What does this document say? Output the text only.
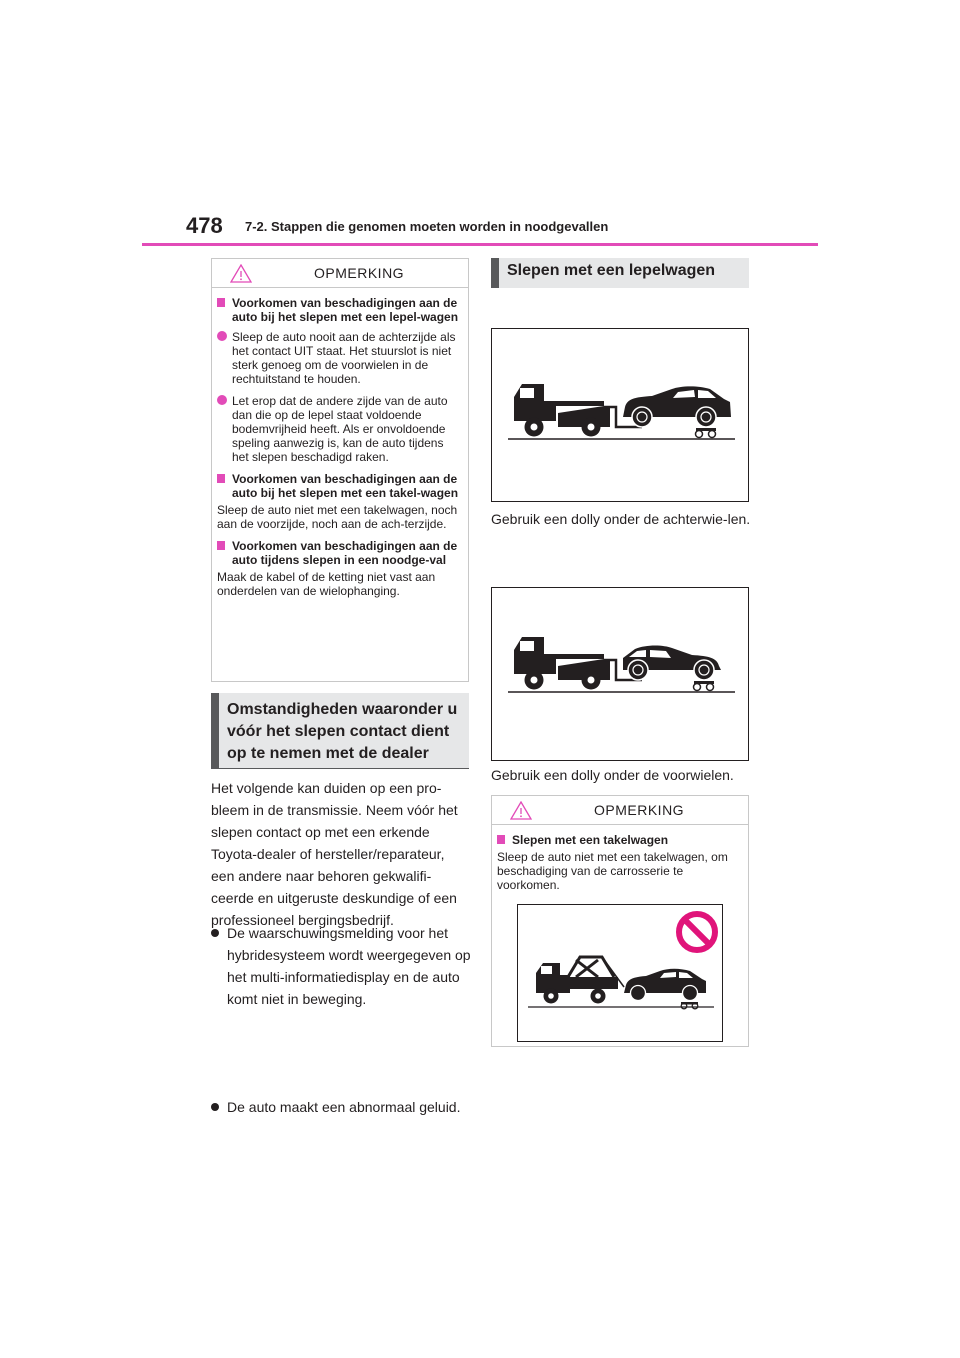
478 7-2. Stappen die genomen moeten worden in noodgevallen
OPMERKING
Voorkomen van beschadigingen aan de auto bij het slepen met een lepel-wagen
Sleep de auto nooit aan de achterzijde als het contact UIT staat. Het stuurslot is niet sterk genoeg om de voorwielen in de rechtuitstand te houden.
Let erop dat de andere zijde van de auto dan die op de lepel staat voldoende bodemvrijheid heeft. Als er onvoldoende speling aanwezig is, kan de auto tijdens het slepen beschadigd raken.
Voorkomen van beschadigingen aan de auto bij het slepen met een takel-wagen
Sleep de auto niet met een takelwagen, noch aan de voorzijde, noch aan de ach-terzijde.
Voorkomen van beschadigingen aan de auto tijdens slepen in een noodge-val
Maak de kabel of de ketting niet vast aan onderdelen van de wielophanging.
Omstandigheden waaronder u
vóór het slepen contact dient
op te nemen met de dealer
Het volgende kan duiden op een pro-bleem in de transmissie. Neem vóór het slepen contact op met een erkende Toyota-dealer of hersteller/reparateur, een andere naar behoren gekwalifi-ceerde en uitgeruste deskundige of een professioneel bergingsbedrijf.
De waarschuwingsmelding voor het hybridesysteem wordt weergegeven op het multi-informatiedisplay en de auto komt niet in beweging.
De auto maakt een abnormaal geluid.
Slepen met een lepelwagen
Gebruik een dolly onder de achterwie-len.
Gebruik een dolly onder de voorwielen.
OPMERKING
Slepen met een takelwagen
Sleep de auto niet met een takelwagen, om beschadiging van de carrosserie te voorkomen.
